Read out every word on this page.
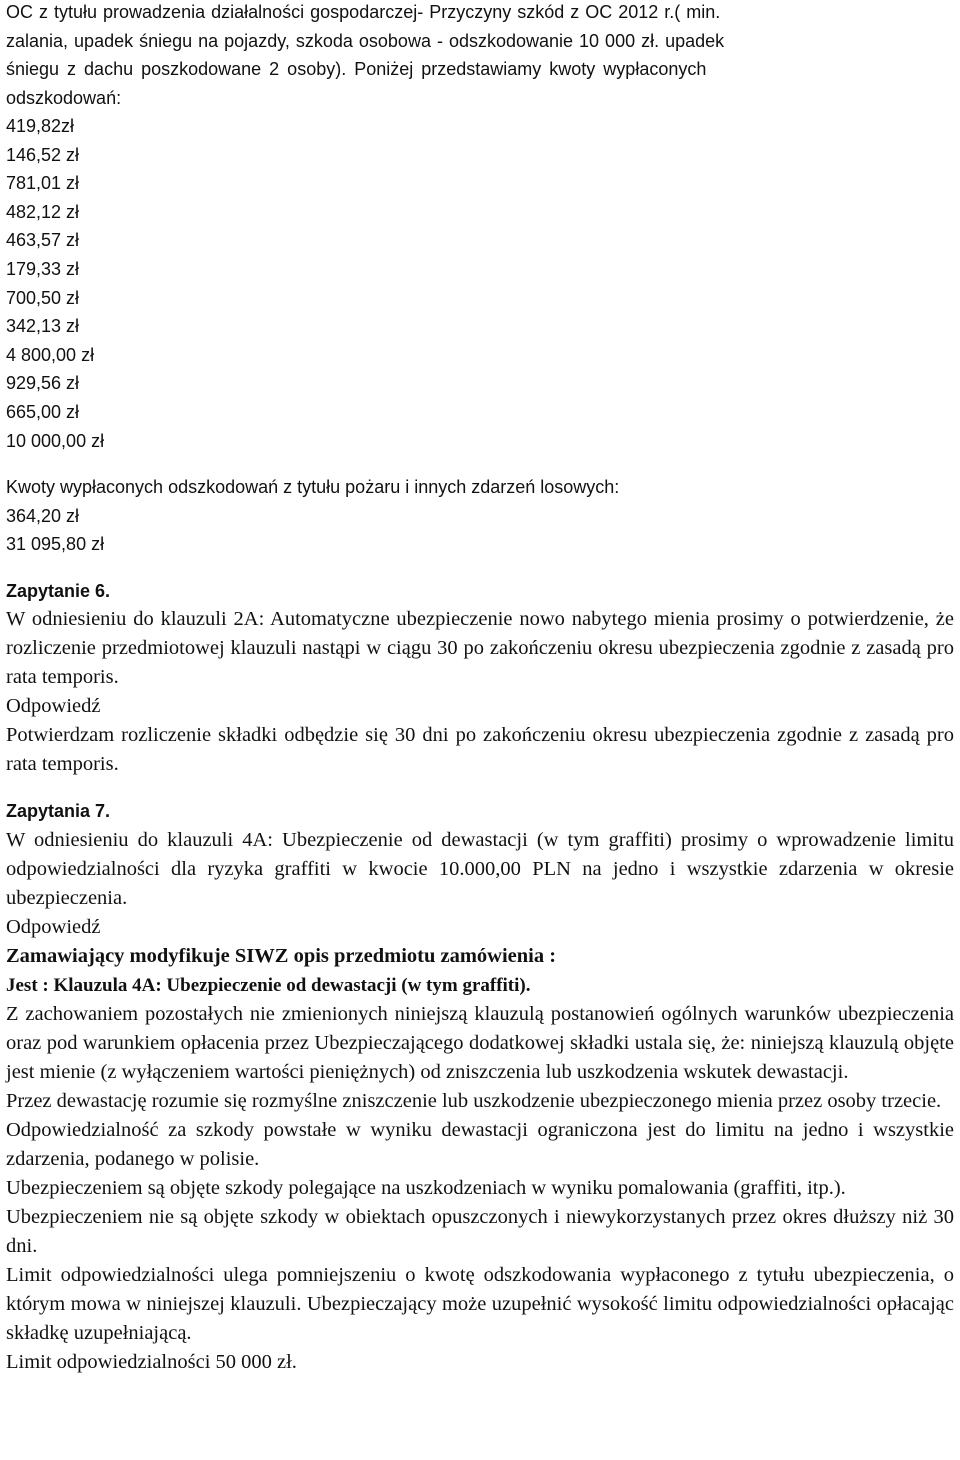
OC z tytułu prowadzenia działalności gospodarczej- Przyczyny szkód z OC 2012 r.( min.

zalania, upadek śniegu na pojazdy, szkoda osobowa - odszkodowanie 10 000 zł. upadek

śniegu z dachu poszkodowane 2 osoby). Poniżej przedstawiamy kwoty wypłaconych

odszkodowań:

419,82zł

146,52 zł

781,01 zł

482,12 zł

463,57 zł

179,33 zł

700,50 zł

342,13 zł

4 800,00 zł

929,56 zł

665,00 zł

10 000,00 zł

Kwoty wypłaconych odszkodowań z tytułu pożaru i innych zdarzeń losowych:

364,20 zł

31 095,80 zł

Zapytanie 6.

W odniesieniu do klauzuli 2A: Automatyczne ubezpieczenie nowo nabytego mienia prosimy o potwierdzenie, że rozliczenie przedmiotowej klauzuli nastąpi w ciągu 30 po zakończeniu okresu ubezpieczenia zgodnie z zasadą pro rata temporis.

Odpowiedź

Potwierdzam rozliczenie składki odbędzie się 30 dni po zakończeniu okresu ubezpieczenia zgodnie z zasadą pro rata temporis.

Zapytania 7.

W odniesieniu do klauzuli 4A: Ubezpieczenie od dewastacji (w tym graffiti) prosimy o wprowadzenie limitu odpowiedzialności dla ryzyka graffiti w kwocie 10.000,00 PLN na jedno i wszystkie zdarzenia w okresie ubezpieczenia.

Odpowiedź

Zamawiający modyfikuje SIWZ opis przedmiotu zamówienia :

Jest : Klauzula 4A: Ubezpieczenie od dewastacji (w tym graffiti).

Z zachowaniem pozostałych nie zmienionych niniejszą klauzulą postanowień ogólnych warunków ubezpieczenia oraz pod warunkiem opłacenia przez Ubezpieczającego dodatkowej składki ustala się, że: niniejszą klauzulą objęte jest mienie (z wyłączeniem wartości pieniężnych) od zniszczenia lub uszkodzenia wskutek dewastacji.

Przez dewastację rozumie się rozmyślne zniszczenie lub uszkodzenie ubezpieczonego mienia przez osoby trzecie.

Odpowiedzialność za szkody powstałe w wyniku dewastacji ograniczona jest do limitu na jedno i wszystkie zdarzenia, podanego w polisie.

Ubezpieczeniem są objęte szkody polegające na uszkodzeniach w wyniku pomalowania (graffiti, itp.).

Ubezpieczeniem nie są objęte szkody w obiektach opuszczonych i niewykorzystanych przez okres dłuższy niż 30 dni.

Limit odpowiedzialności ulega pomniejszeniu o kwotę odszkodowania wypłaconego z tytułu ubezpieczenia, o którym mowa w niniejszej klauzuli. Ubezpieczający może uzupełnić wysokość limitu odpowiedzialności opłacając składkę uzupełniającą.

Limit odpowiedzialności 50 000 zł.
